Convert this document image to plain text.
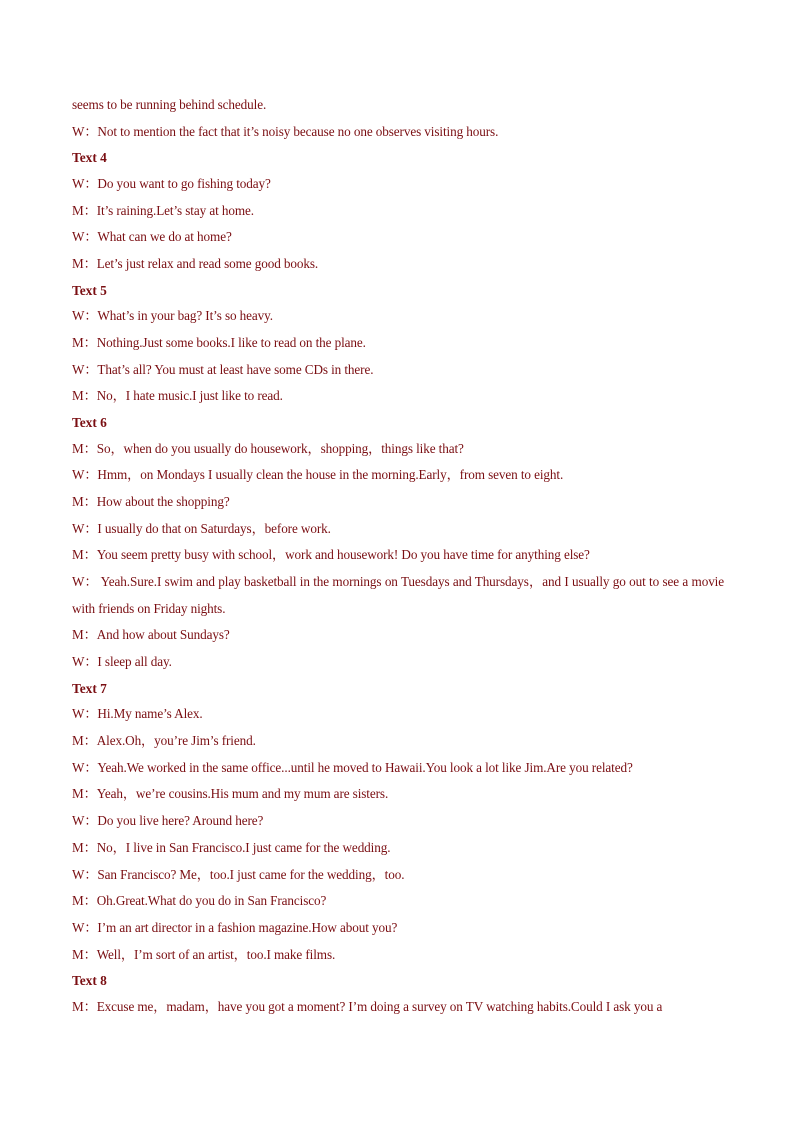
seems to be running behind schedule.
W：Not to mention the fact that it’s noisy because no one observes visiting hours.
Text 4
W：Do you want to go fishing today?
M：It’s raining.Let’s stay at home.
W：What can we do at home?
M：Let’s just relax and read some good books.
Text 5
W：What’s in your bag? It’s so heavy.
M：Nothing.Just some books.I like to read on the plane.
W：That’s all? You must at least have some CDs in there.
M：No，I hate music.I just like to read.
Text 6
M：So，when do you usually do housework，shopping，things like that?
W：Hmm，on Mondays I usually clean the house in the morning.Early，from seven to eight.
M：How about the shopping?
W：I usually do that on Saturdays，before work.
M：You seem pretty busy with school，work and housework! Do you have time for anything else?
W： Yeah.Sure.I swim and play basketball in the mornings on Tuesdays and Thursdays，and I usually go out to see a movie with friends on Friday nights.
M：And how about Sundays?
W：I sleep all day.
Text 7
W：Hi.My name’s Alex.
M：Alex.Oh，you’re Jim’s friend.
W：Yeah.We worked in the same office...until he moved to Hawaii.You look a lot like Jim.Are you related?
M：Yeah，we’re cousins.His mum and my mum are sisters.
W：Do you live here? Around here?
M：No，I live in San Francisco.I just came for the wedding.
W：San Francisco? Me，too.I just came for the wedding，too.
M：Oh.Great.What do you do in San Francisco?
W：I’m an art director in a fashion magazine.How about you?
M：Well，I’m sort of an artist，too.I make films.
Text 8
M：Excuse me，madam，have you got a moment? I’m doing a survey on TV watching habits.Could I ask you a
